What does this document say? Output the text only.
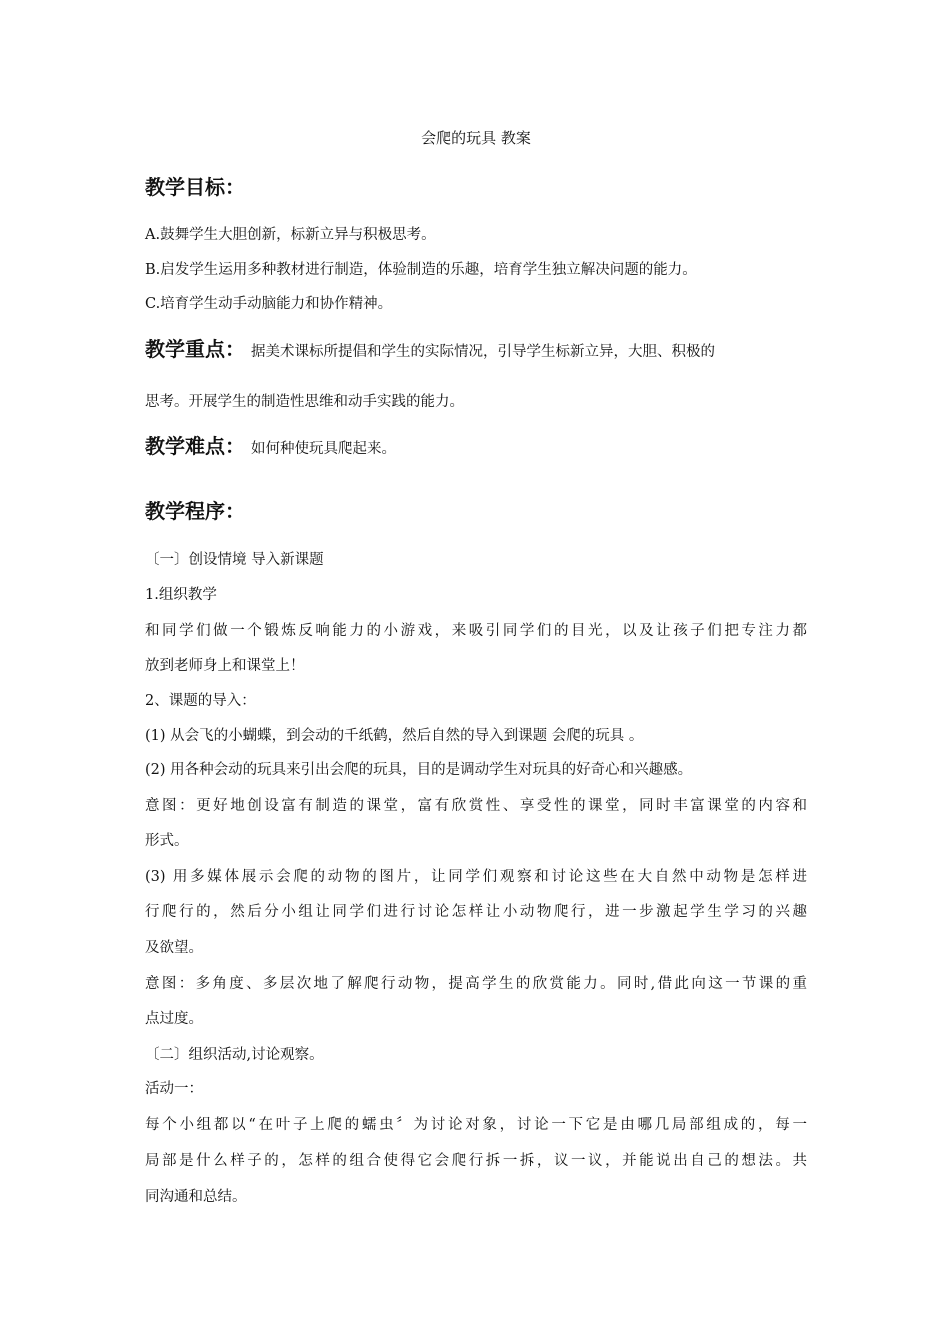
会爬的玩具 教案
教学目标：
A.鼓舞学生大胆创新，标新立异与积极思考。
B.启发学生运用多种教材进行制造，体验制造的乐趣，培育学生独立解决问题的能力。
C.培育学生动手动脑能力和协作精神。
教学重点： 据美术课标所提倡和学生的实际情况，引导学生标新立异，大胆、积极的
思考。开展学生的制造性思维和动手实践的能力。
教学难点： 如何种使玩具爬起来。
教学程序：
〔一〕创设情境 导入新课题
1.组织教学
和同学们做一个锻炼反响能力的小游戏，来吸引同学们的目光，以及让孩子们把专注力都
放到老师身上和课堂上！
2、课题的导入：
(1) 从会飞的小蝴蝶，到会动的千纸鹤，然后自然的导入到课题 会爬的玩具 。
(2) 用各种会动的玩具来引出会爬的玩具，目的是调动学生对玩具的好奇心和兴趣感。
意图：更好地创设富有制造的课堂，富有欣赏性、享受性的课堂，同时丰富课堂的内容和
形式。
(3) 用多媒体展示会爬的动物的图片，让同学们观察和讨论这些在大自然中动物是怎样进
行爬行的，然后分小组让同学们进行讨论怎样让小动物爬行，进一步激起学生学习的兴趣
及欲望。
意图：多角度、多层次地了解爬行动物，提高学生的欣赏能力。同时,借此向这一节课的重
点过度。
〔二〕组织活动,讨论观察。
活动一：
每个小组都以“在叶子上爬的蠕虫〞为讨论对象，讨论一下它是由哪几局部组成的，每一
局部是什么样子的，怎样的组合使得它会爬行拆一拆，议一议，并能说出自己的想法。共
同沟通和总结。
